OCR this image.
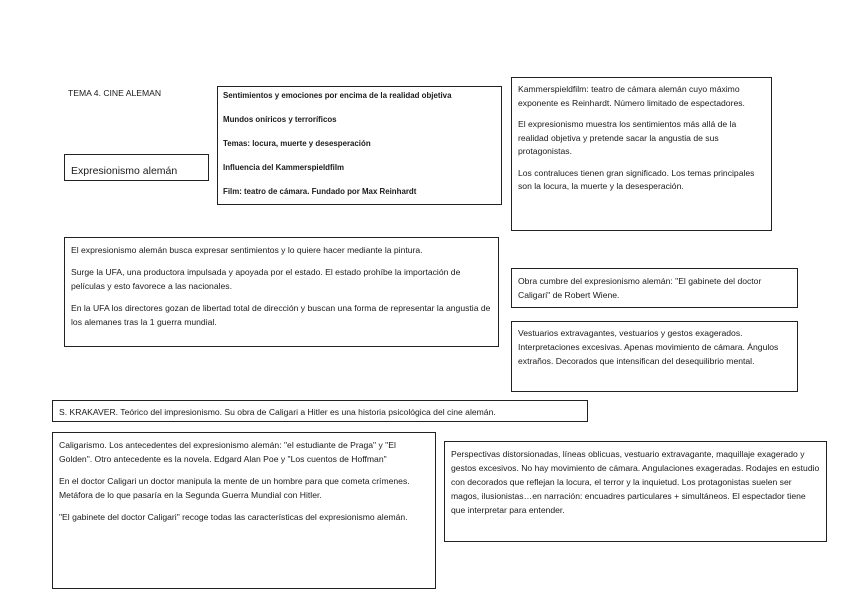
TEMA 4. CINE ALEMAN
Expresionismo alemán

Sentimientos y emociones por encima de la realidad objetiva

Mundos oníricos y terroríficos

Temas: locura, muerte y desesperación

Influencia del Kammerspieldfilm

Film: teatro de cámara. Fundado por Max Reinhardt

Kammerspieldfilm: teatro de cámara alemán cuyo máximo exponente es Reinhardt. Número limitado de espectadores.

El expresionismo muestra los sentimientos más allá de la realidad objetiva y pretende sacar la angustia de sus protagonistas.

Los contraluces tienen gran significado. Los temas principales son la locura, la muerte y la desesperación.

El expresionismo alemán busca expresar sentimientos y lo quiere hacer mediante la pintura.

Surge la UFA, una productora impulsada y apoyada por el estado. El estado prohíbe la importación de películas y esto favorece a las nacionales.

En la UFA los directores gozan de libertad total de dirección y buscan una forma de representar la angustia de los alemanes tras la 1 guerra mundial.

Obra cumbre del expresionismo alemán: "El gabinete del doctor Caligari" de Robert Wiene.

Vestuarios extravagantes, vestuarios y gestos exagerados. Interpretaciones excesivas. Apenas movimiento de cámara. Ángulos extraños. Decorados que intensifican del desequilibrio mental.

S. KRAKAVER. Teórico del impresionismo. Su obra de Caligari a Hitler es una historia psicológica del cine alemán.

Caligarismo. Los antecedentes del expresionismo alemán: "el estudiante de Praga" y "El Golden". Otro antecedente es la novela. Edgard Alan Poe y "Los cuentos de Hoffman"

En el doctor Caligari un doctor manipula la mente de un hombre para que cometa crímenes. Metáfora de lo que pasaría en la Segunda Guerra Mundial con Hitler.

"El gabinete del doctor Caligari" recoge todas las características del expresionismo alemán.

Perspectivas distorsionadas, líneas oblicuas, vestuario extravagante, maquillaje exagerado y gestos excesivos. No hay movimiento de cámara. Angulaciones exageradas. Rodajes en estudio con decorados que reflejan la locura, el terror y la inquietud. Los protagonistas suelen ser magos, ilusionistas…en narración: encuadres particulares + simultáneos. El espectador tiene que interpretar para entender.
